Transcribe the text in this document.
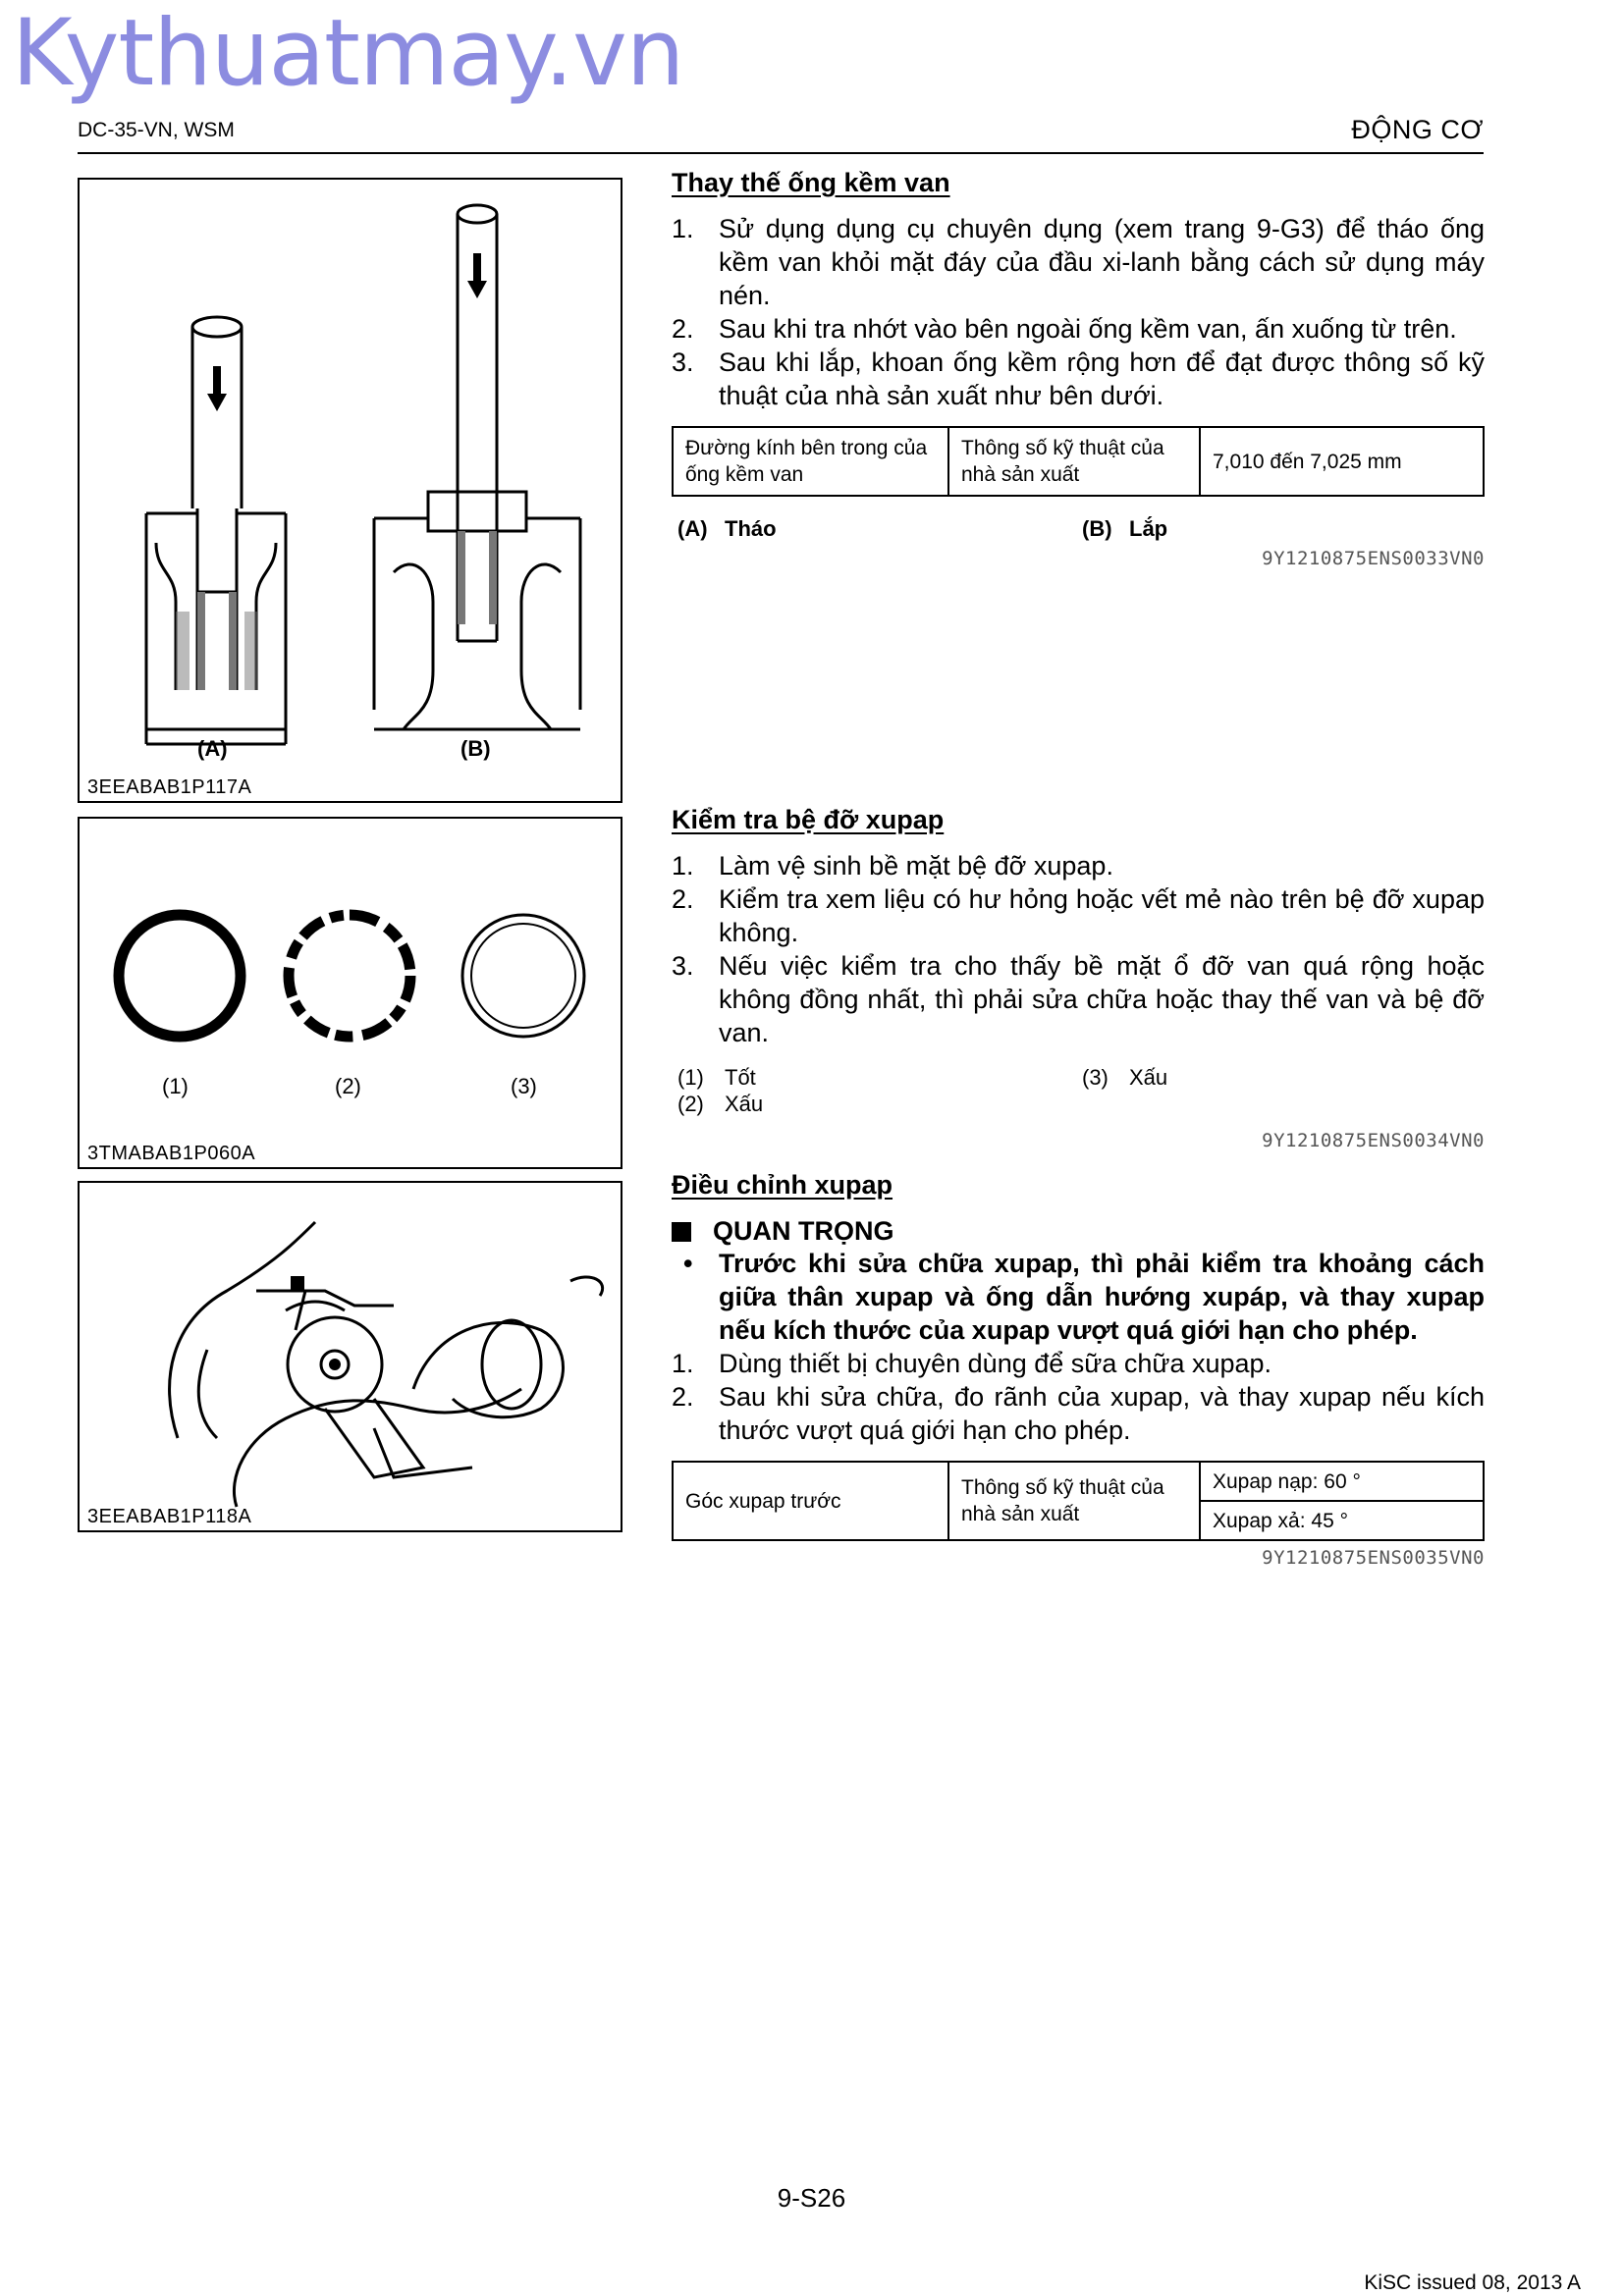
Kythuatmay.vn
DC-35-VN, WSM	ĐỘNG CƠ
(A)	(B)
3EEABAB1P117A
(1)	(2)	(3)
3TMABAB1P060A
3EEABAB1P118A
Thay thế ống kềm van
1. Sử dụng dụng cụ chuyên dụng (xem trang 9-G3) để tháo ống kềm van khỏi mặt đáy của đầu xi-lanh bằng cách sử dụng máy nén.
2. Sau khi tra nhớt vào bên ngoài ống kềm van, ấn xuống từ trên.
3. Sau khi lắp, khoan ống kềm rộng hơn để đạt được thông số kỹ thuật của nhà sản xuất như bên dưới.
Đường kính bên trong của ống kềm van	Thông số kỹ thuật của nhà sản xuất	7,010 đến 7,025 mm
(A) Tháo	(B) Lắp
9Y1210875ENS0033VN0
Kiểm tra bệ đỡ xupap
1. Làm vệ sinh bề mặt bệ đỡ xupap.
2. Kiểm tra xem liệu có hư hỏng hoặc vết mẻ nào trên bệ đỡ xupap không.
3. Nếu việc kiểm tra cho thấy bề mặt ổ đỡ van quá rộng hoặc không đồng nhất, thì phải sửa chữa hoặc thay thế van và bệ đỡ van.
(1) Tốt
(2) Xấu
(3) Xấu
9Y1210875ENS0034VN0
Điều chỉnh xupap
QUAN TRỌNG
• Trước khi sửa chữa xupap, thì phải kiểm tra khoảng cách giữa thân xupap và ống dẫn hướng xupáp, và thay xupap nếu kích thước của xupap vượt quá giới hạn cho phép.
1. Dùng thiết bị chuyên dùng để sữa chữa xupap.
2. Sau khi sửa chữa, đo rãnh của xupap, và thay xupap nếu kích thước vượt quá giới hạn cho phép.
Góc xupap trước	Thông số kỹ thuật của nhà sản xuất	Xupap nạp: 60 °
Xupap xả: 45 °
9Y1210875ENS0035VN0
9-S26
KiSC issued 08, 2013 A
